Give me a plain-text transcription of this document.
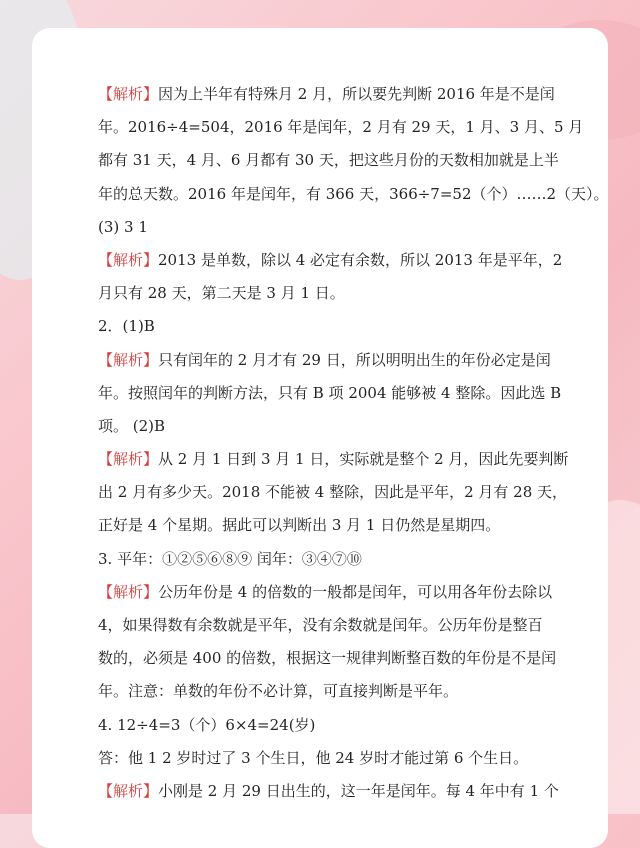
【解析】因为上半年有特殊月 2 月，所以要先判断 2016 年是不是闰
年。2016÷4=504，2016 年是闰年，2 月有 29 天，1 月、3 月、5 月
都有 31 天，4 月、6 月都有 30 天，把这些月份的天数相加就是上半
年的总天数。2016 年是闰年，有 366 天，366÷7=52（个）……2（天）。
(3) 3 1
【解析】2013 是单数，除以 4 必定有余数，所以 2013 年是平年，2
月只有 28 天，第二天是 3 月 1 日。
2．(1)B
【解析】只有闰年的 2 月才有 29 日，所以明明出生的年份必定是闰
年。按照闰年的判断方法，只有 B 项 2004 能够被 4 整除。因此选 B
项。 (2)B
【解析】从 2 月 1 日到 3 月 1 日，实际就是整个 2 月，因此先要判断
出 2 月有多少天。2018 不能被 4 整除，因此是平年，2 月有 28 天，
正好是 4 个星期。据此可以判断出 3 月 1 日仍然是星期四。
3. 平年：①②⑤⑥⑧⑨ 闰年：③④⑦⑩
【解析】公历年份是 4 的倍数的一般都是闰年，可以用各年份去除以
4，如果得数有余数就是平年，没有余数就是闰年。公历年份是整百
数的，必须是 400 的倍数，根据这一规律判断整百数的年份是不是闰
年。注意：单数的年份不必计算，可直接判断是平年。
4. 12÷4=3（个）6×4=24(岁)
答：他 1 2 岁时过了 3 个生日，他 24 岁时才能过第 6 个生日。
【解析】小刚是 2 月 29 日出生的，这一年是闰年。每 4 年中有 1 个
